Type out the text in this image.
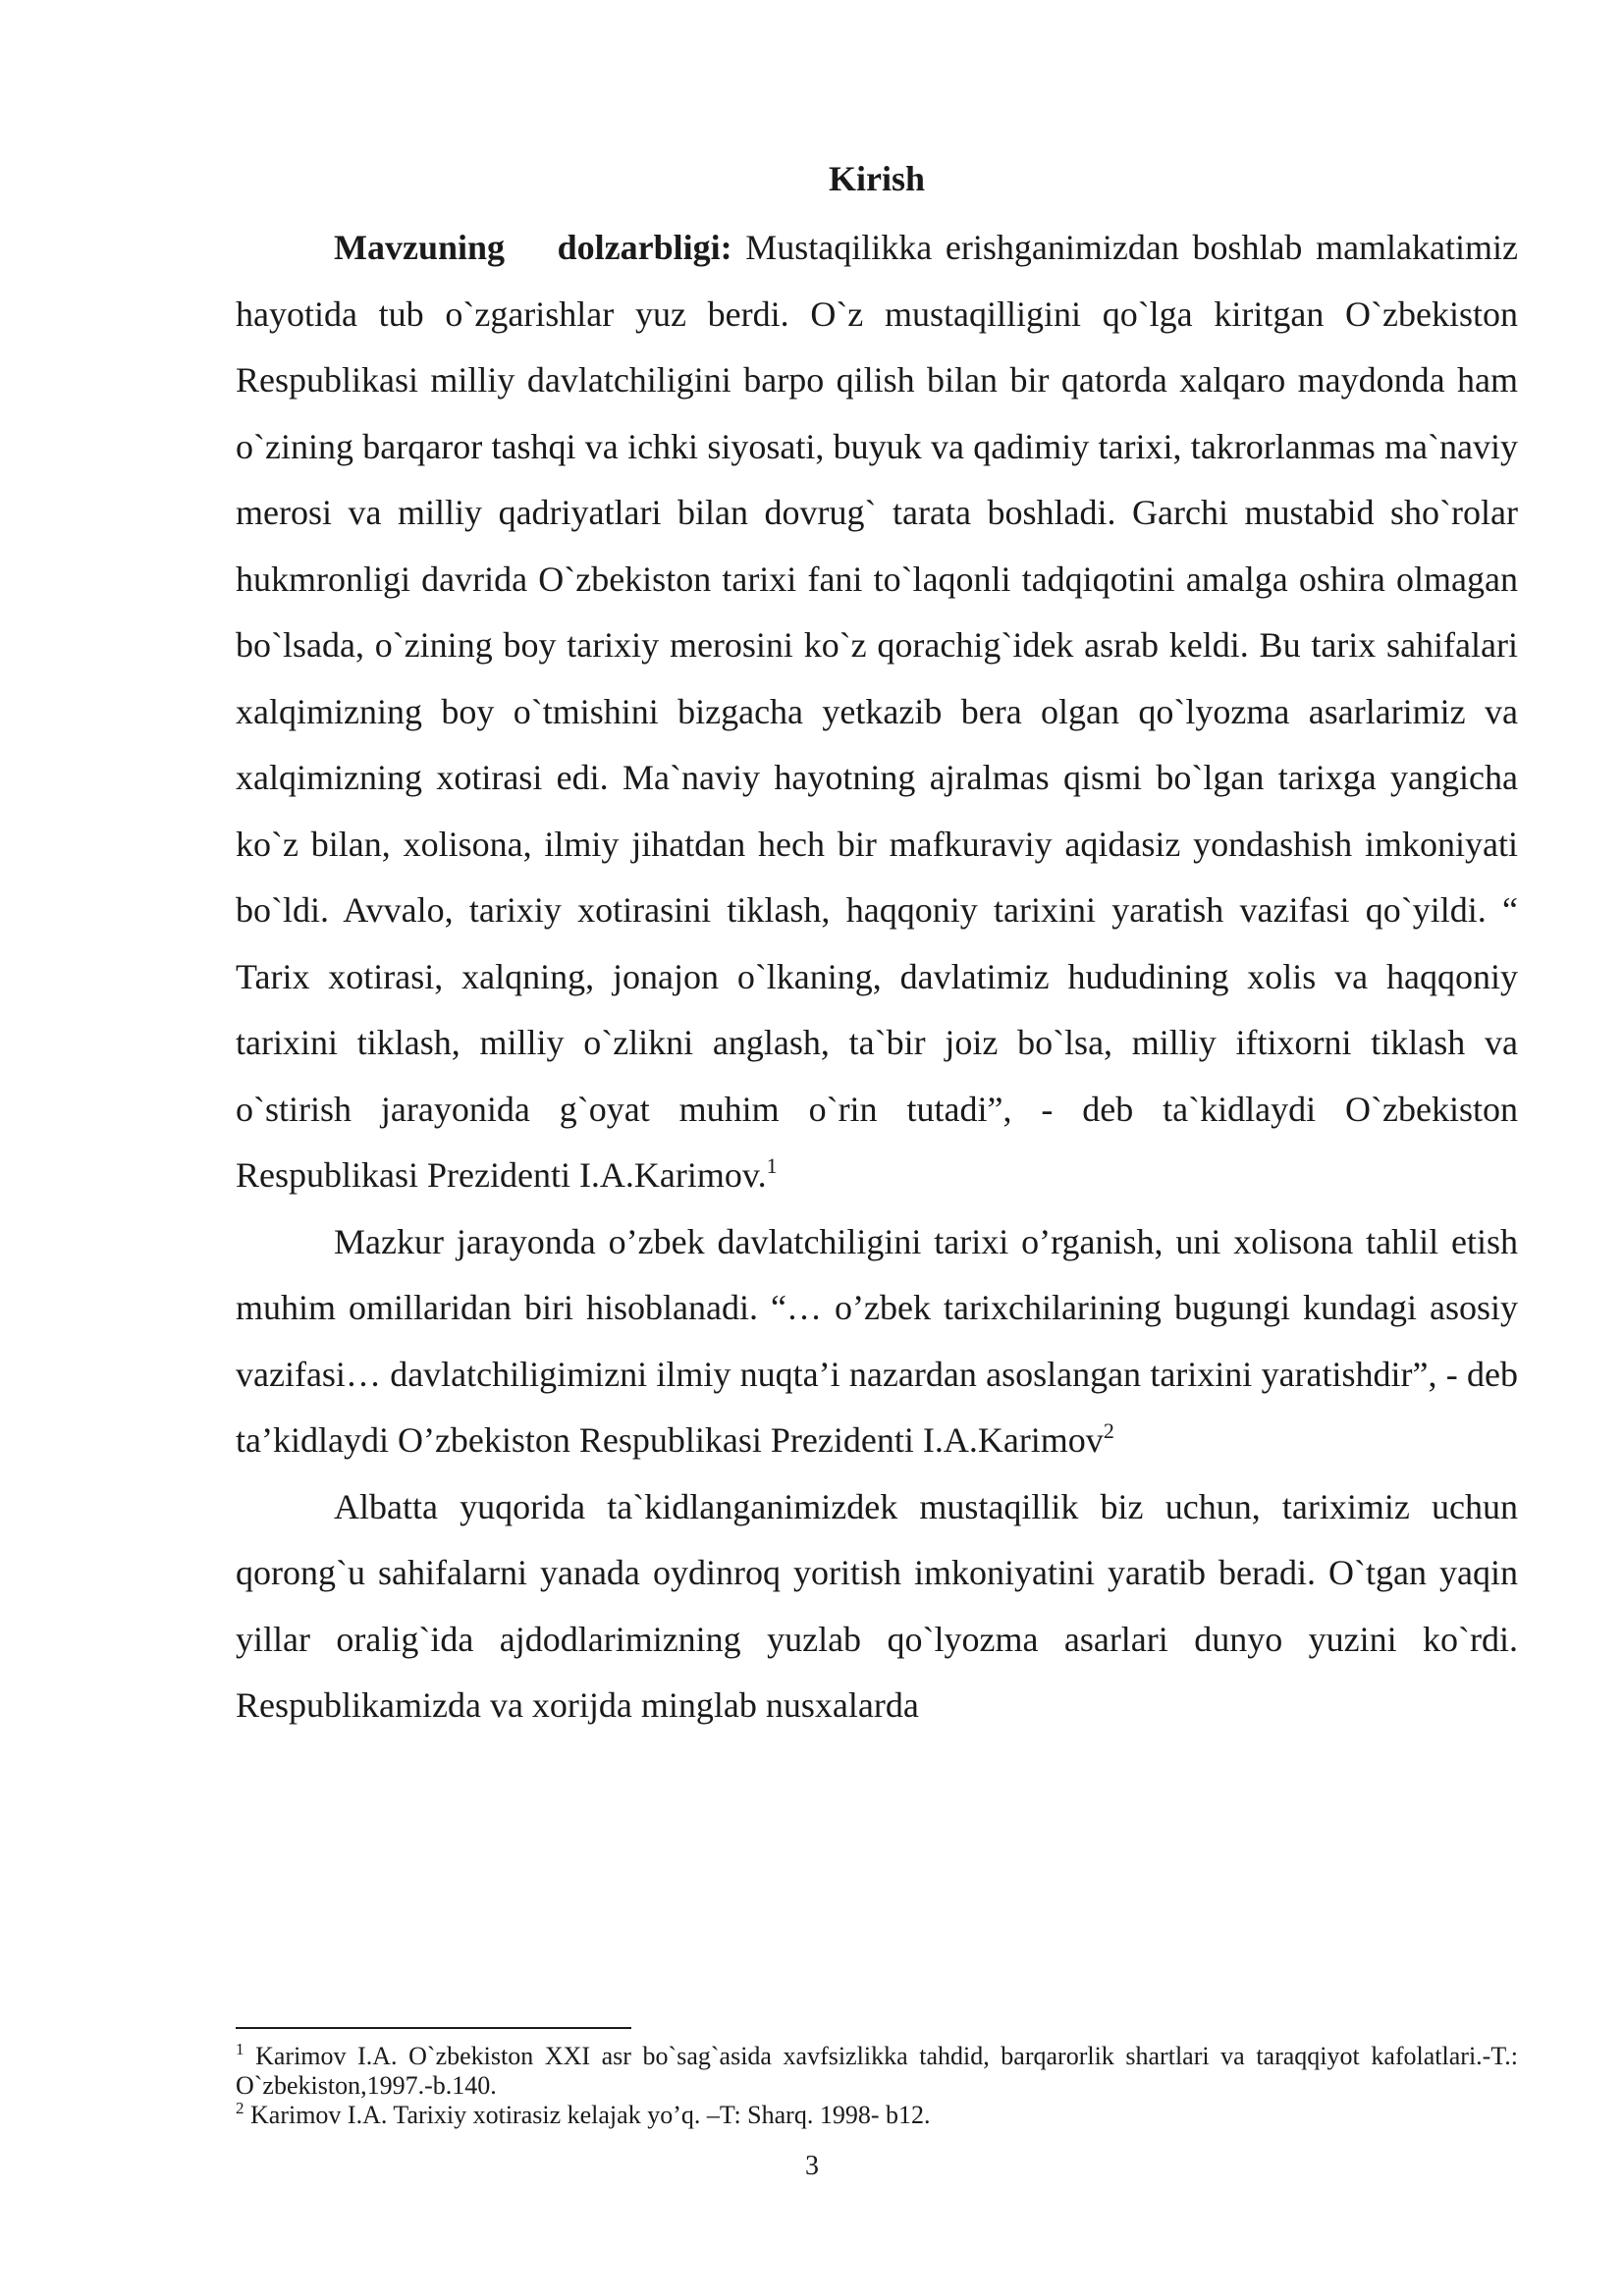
Kirish

Mavzuning dolzarbligi: Mustaqilikka erishganimizdan boshlab mamlakatimiz hayotida tub o`zgarishlar yuz berdi. O`z mustaqilligini qo`lga kiritgan O`zbekiston Respublikasi milliy davlatchiligini barpo qilish bilan bir qatorda xalqaro maydonda ham o`zining barqaror tashqi va ichki siyosati, buyuk va qadimiy tarixi, takrorlanmas ma`naviy merosi va milliy qadriyatlari bilan dovrug` tarata boshladi. Garchi mustabid sho`rolar hukmronligi davrida O`zbekiston tarixi fani to`laqonli tadqiqotini amalga oshira olmagan bo`lsada, o`zining boy tarixiy merosini ko`z qorachig`idek asrab keldi. Bu tarix sahifalari xalqimizning boy o`tmishini bizgacha yetkazib bera olgan qo`lyozma asarlarimiz va xalqimizning xotirasi edi. Ma`naviy hayotning ajralmas qismi bo`lgan tarixga yangicha ko`z bilan, xolisona, ilmiy jihatdan hech bir mafkuraviy aqidasiz yondashish imkoniyati bo`ldi. Avvalo, tarixiy xotirasini tiklash, haqqoniy tarixini yaratish vazifasi qo`yildi. “ Tarix xotirasi, xalqning, jonajon o`lkaning, davlatimiz hududining xolis va haqqoniy tarixini tiklash, milliy o`zlikni anglash, ta`bir joiz bo`lsa, milliy iftixorni tiklash va o`stirish jarayonida g`oyat muhim o`rin tutadi”, - deb ta`kidlaydi O`zbekiston Respublikasi Prezidenti I.A.Karimov.$^1$

Mazkur jarayonda o’zbek davlatchiligini tarixi o’rganish, uni xolisona tahlil etish muhim omillaridan biri hisoblanadi. “… o’zbek tarixchilarining bugungi kundagi asosiy vazifasi… davlatchiligimizni ilmiy nuqta’i nazardan asoslangan tarixini yaratishdir”, - deb ta’kidlaydi O’zbekiston Respublikasi Prezidenti I.A.Karimov$^2$

Albatta yuqorida ta`kidlanganimizdek mustaqillik biz uchun, tariximiz uchun qorong`u sahifalarni yanada oydinroq yoritish imkoniyatini yaratib beradi. O`tgan yaqin yillar oralig`ida ajdodlarimizning yuzlab qo`lyozma asarlari dunyo yuzini ko`rdi. Respublikamizda va xorijda minglab nusxalarda

$^1$ Karimov I.A. O`zbekiston XXI asr bo`sag`asida xavfsizlikka tahdid, barqarorlik shartlari va taraqqiyot kafolatlari.-T.: O`zbekiston,1997.-b.140.

$^2$ Karimov I.A. Tarixiy xotirasiz kelajak yo’q. –T: Sharq. 1998- b12.

3
